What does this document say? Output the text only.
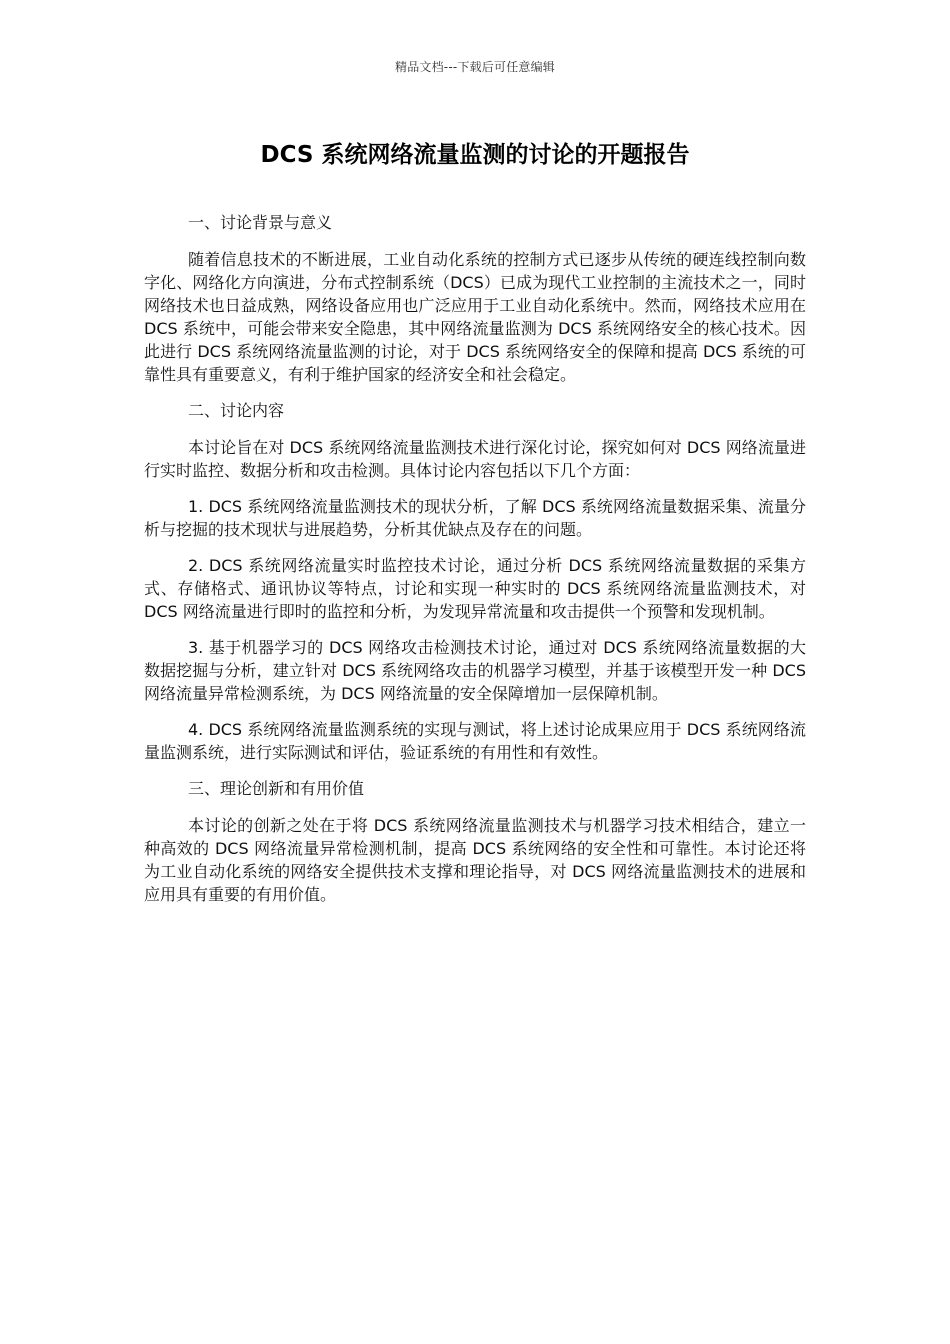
精品文档---下载后可任意编辑
DCS 系统网络流量监测的讨论的开题报告

一、讨论背景与意义

随着信息技术的不断进展，工业自动化系统的控制方式已逐步从传统的硬连线控制向数字化、网络化方向演进，分布式控制系统（DCS）已成为现代工业控制的主流技术之一，同时网络技术也日益成熟，网络设备应用也广泛应用于工业自动化系统中。然而，网络技术应用在 DCS 系统中，可能会带来安全隐患，其中网络流量监测为 DCS 系统网络安全的核心技术。因此进行 DCS 系统网络流量监测的讨论，对于 DCS 系统网络安全的保障和提高 DCS 系统的可靠性具有重要意义，有利于维护国家的经济安全和社会稳定。

二、讨论内容

本讨论旨在对 DCS 系统网络流量监测技术进行深化讨论，探究如何对 DCS 网络流量进行实时监控、数据分析和攻击检测。具体讨论内容包括以下几个方面：

1. DCS 系统网络流量监测技术的现状分析，了解 DCS 系统网络流量数据采集、流量分析与挖掘的技术现状与进展趋势，分析其优缺点及存在的问题。

2. DCS 系统网络流量实时监控技术讨论，通过分析 DCS 系统网络流量数据的采集方式、存储格式、通讯协议等特点，讨论和实现一种实时的 DCS 系统网络流量监测技术，对 DCS 网络流量进行即时的监控和分析，为发现异常流量和攻击提供一个预警和发现机制。

3. 基于机器学习的 DCS 网络攻击检测技术讨论，通过对 DCS 系统网络流量数据的大数据挖掘与分析，建立针对 DCS 系统网络攻击的机器学习模型，并基于该模型开发一种 DCS 网络流量异常检测系统，为 DCS 网络流量的安全保障增加一层保障机制。

4. DCS 系统网络流量监测系统的实现与测试，将上述讨论成果应用于 DCS 系统网络流量监测系统，进行实际测试和评估，验证系统的有用性和有效性。

三、理论创新和有用价值

本讨论的创新之处在于将 DCS 系统网络流量监测技术与机器学习技术相结合，建立一种高效的 DCS 网络流量异常检测机制，提高 DCS 系统网络的安全性和可靠性。本讨论还将为工业自动化系统的网络安全提供技术支撑和理论指导，对 DCS 网络流量监测技术的进展和应用具有重要的有用价值。
